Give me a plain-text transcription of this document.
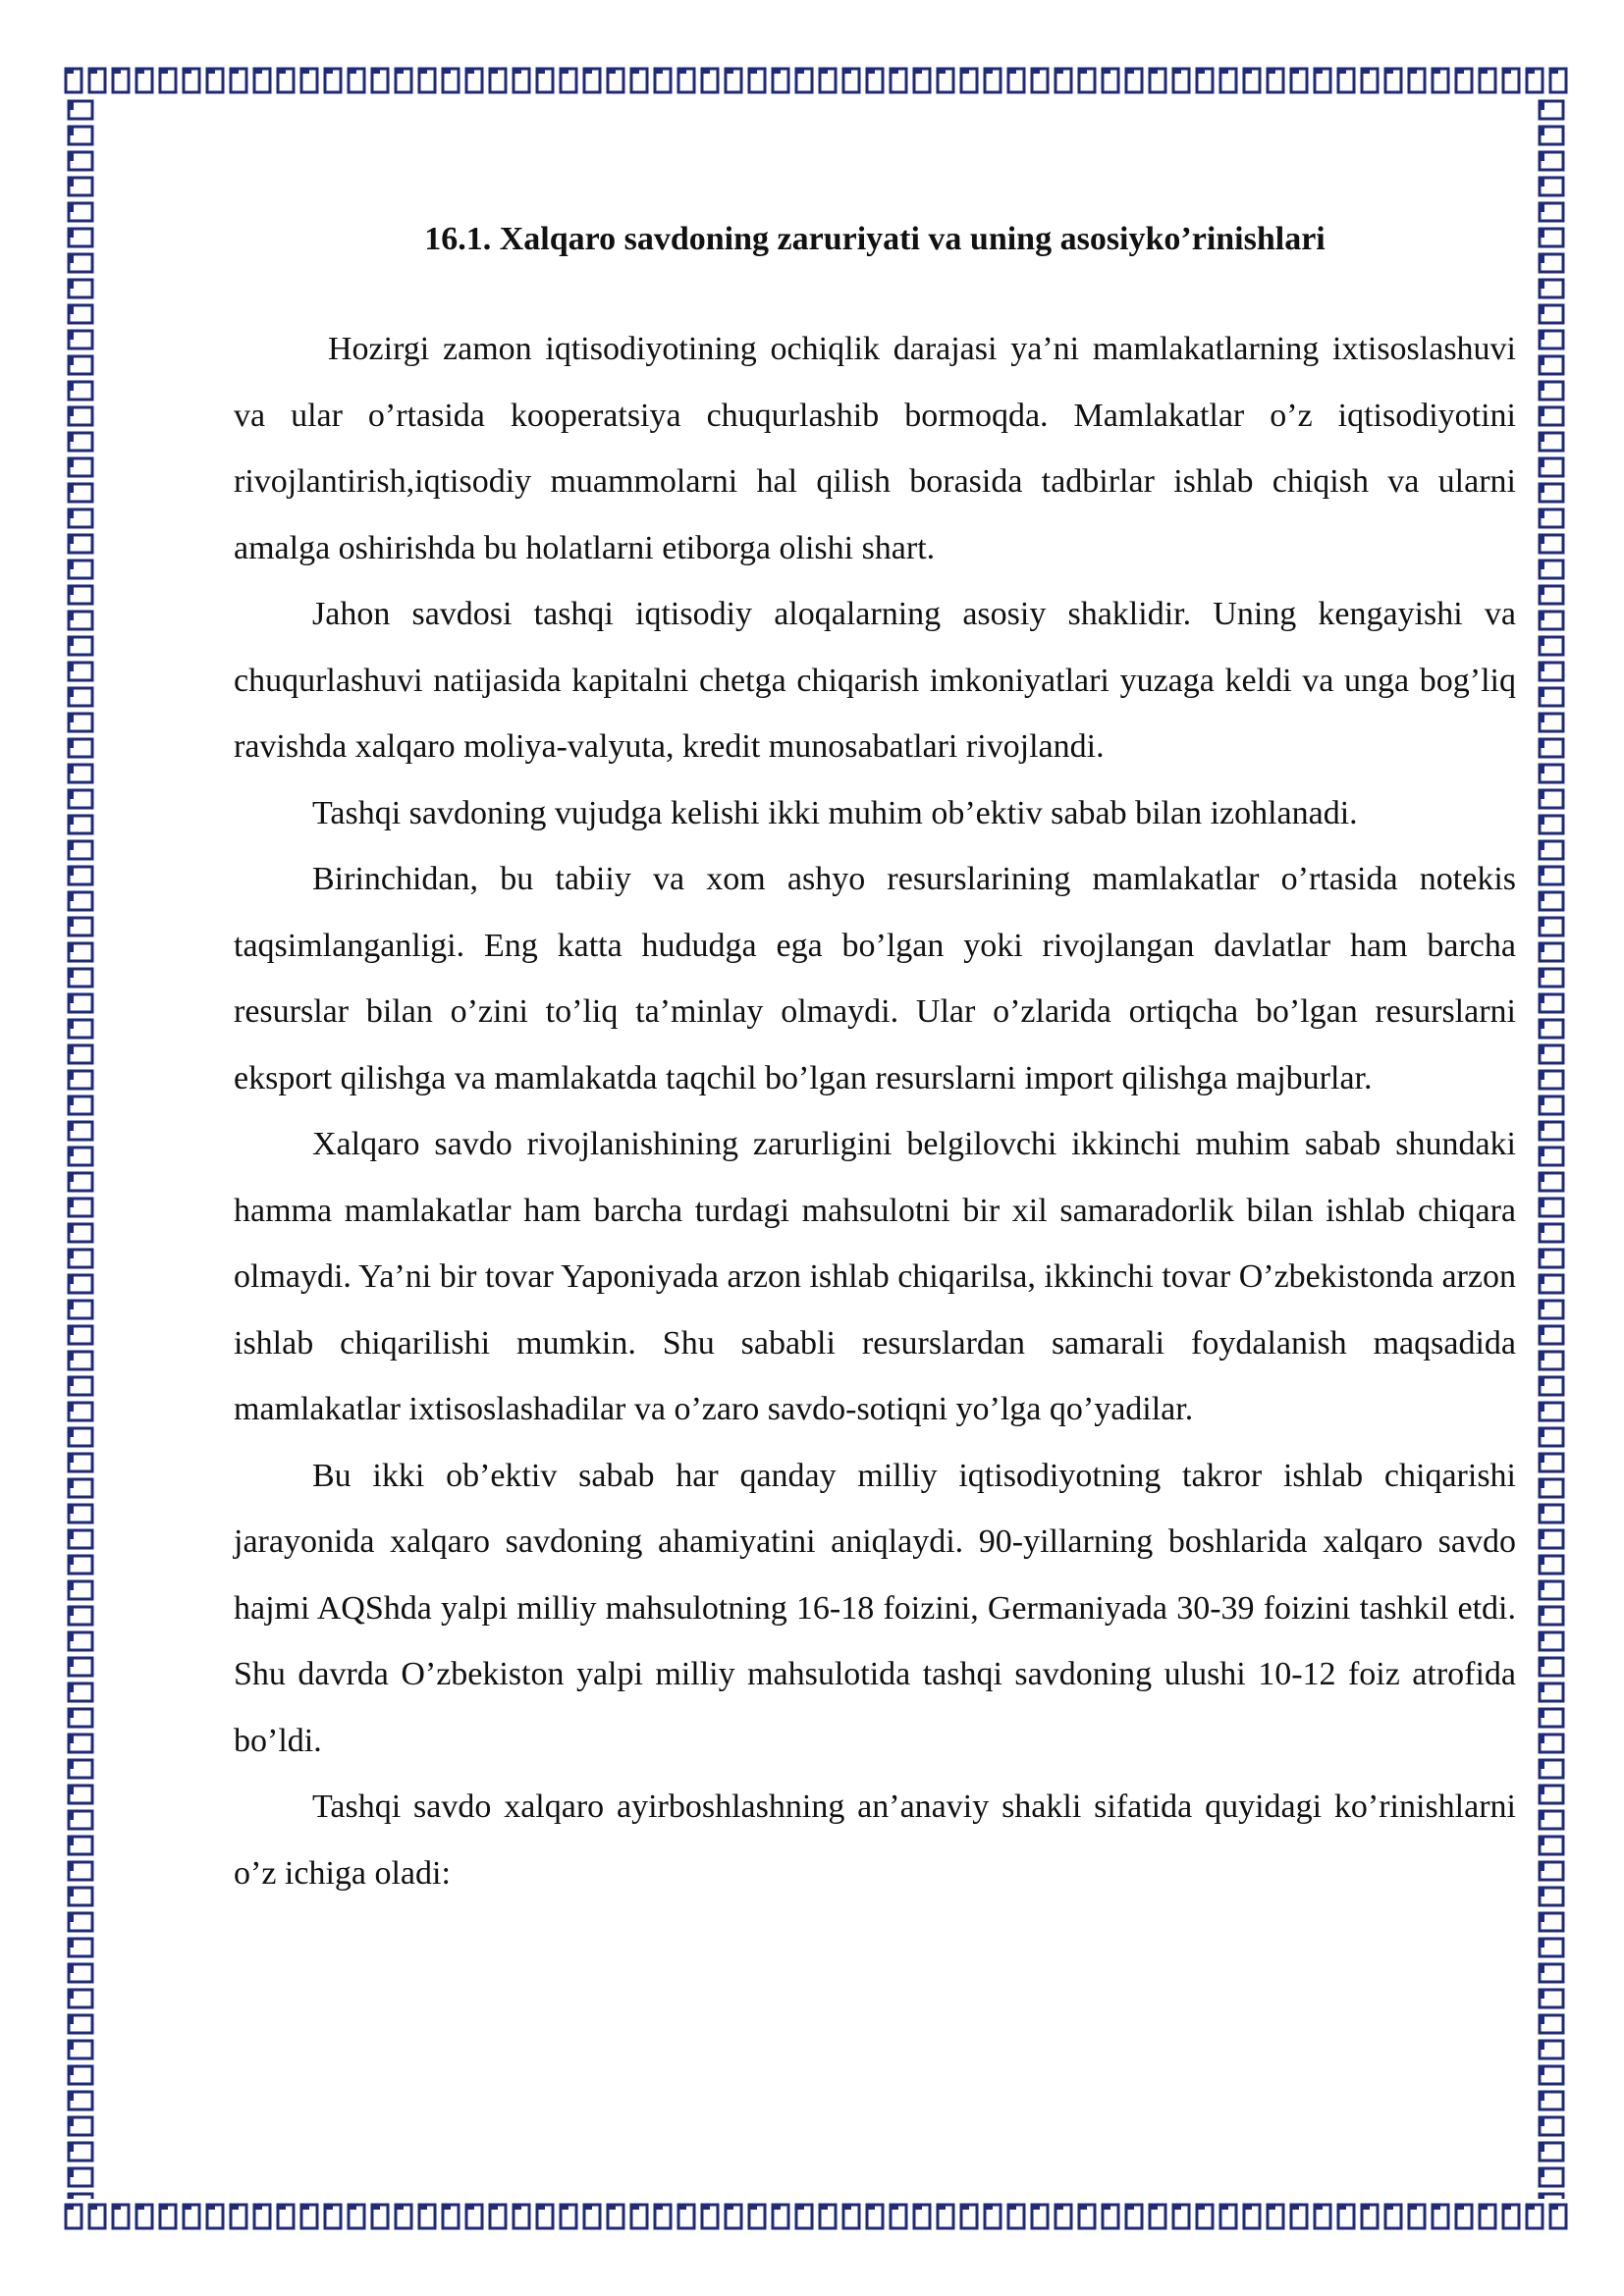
16.1. Xalqaro savdoning zaruriyati va uning asosiyko’rinishlari

Hozirgi zamon iqtisodiyotining ochiqlik darajasi ya’ni mamlakatlarning ixtisoslashuvi va ular o’rtasida kooperatsiya chuqurlashib bormoqda. Mamlakatlar o’z iqtisodiyotini rivojlantirish,iqtisodiy muammolarni hal qilish borasida tadbirlar ishlab chiqish va ularni amalga oshirishda bu holatlarni etiborga olishi shart.

Jahon savdosi tashqi iqtisodiy aloqalarning asosiy shaklidir. Uning kengayishi va chuqurlashuvi natijasida kapitalni chetga chiqarish imkoniyatlari yuzaga keldi va unga bog’liq ravishda xalqaro moliya-valyuta, kredit munosabatlari rivojlandi.

Tashqi savdoning vujudga kelishi ikki muhim ob’ektiv sabab bilan izohlanadi.

Birinchidan, bu tabiiy va xom ashyo resurslarining mamlakatlar o’rtasida notekis taqsimlanganligi. Eng katta hududga ega bo’lgan yoki rivojlangan davlatlar ham barcha resurslar bilan o’zini to’liq ta’minlay olmaydi. Ular o’zlarida ortiqcha bo’lgan resurslarni eksport qilishga va mamlakatda taqchil bo’lgan resurslarni import qilishga majburlar.

Xalqaro savdo rivojlanishining zarurligini belgilovchi ikkinchi muhim sabab shundaki hamma mamlakatlar ham barcha turdagi mahsulotni bir xil samaradorlik bilan ishlab chiqara olmaydi. Ya’ni bir tovar Yaponiyada arzon ishlab chiqarilsa, ikkinchi tovar O’zbekistonda arzon ishlab chiqarilishi mumkin. Shu sababli resurslardan samarali foydalanish maqsadida mamlakatlar ixtisoslashadilar va o’zaro savdo-sotiqni yo’lga qo’yadilar.

Bu ikki ob’ektiv sabab har qanday milliy iqtisodiyotning takror ishlab chiqarishi jarayonida xalqaro savdoning ahamiyatini aniqlaydi. 90-yillarning boshlarida xalqaro savdo hajmi AQShda yalpi milliy mahsulotning 16-18 foizini, Germaniyada 30-39 foizini tashkil etdi. Shu davrda O’zbekiston yalpi milliy mahsulotida tashqi savdoning ulushi 10-12 foiz atrofida bo’ldi.

Tashqi savdo xalqaro ayirboshlashning an’anaviy shakli sifatida quyidagi ko’rinishlarni o’z ichiga oladi:
